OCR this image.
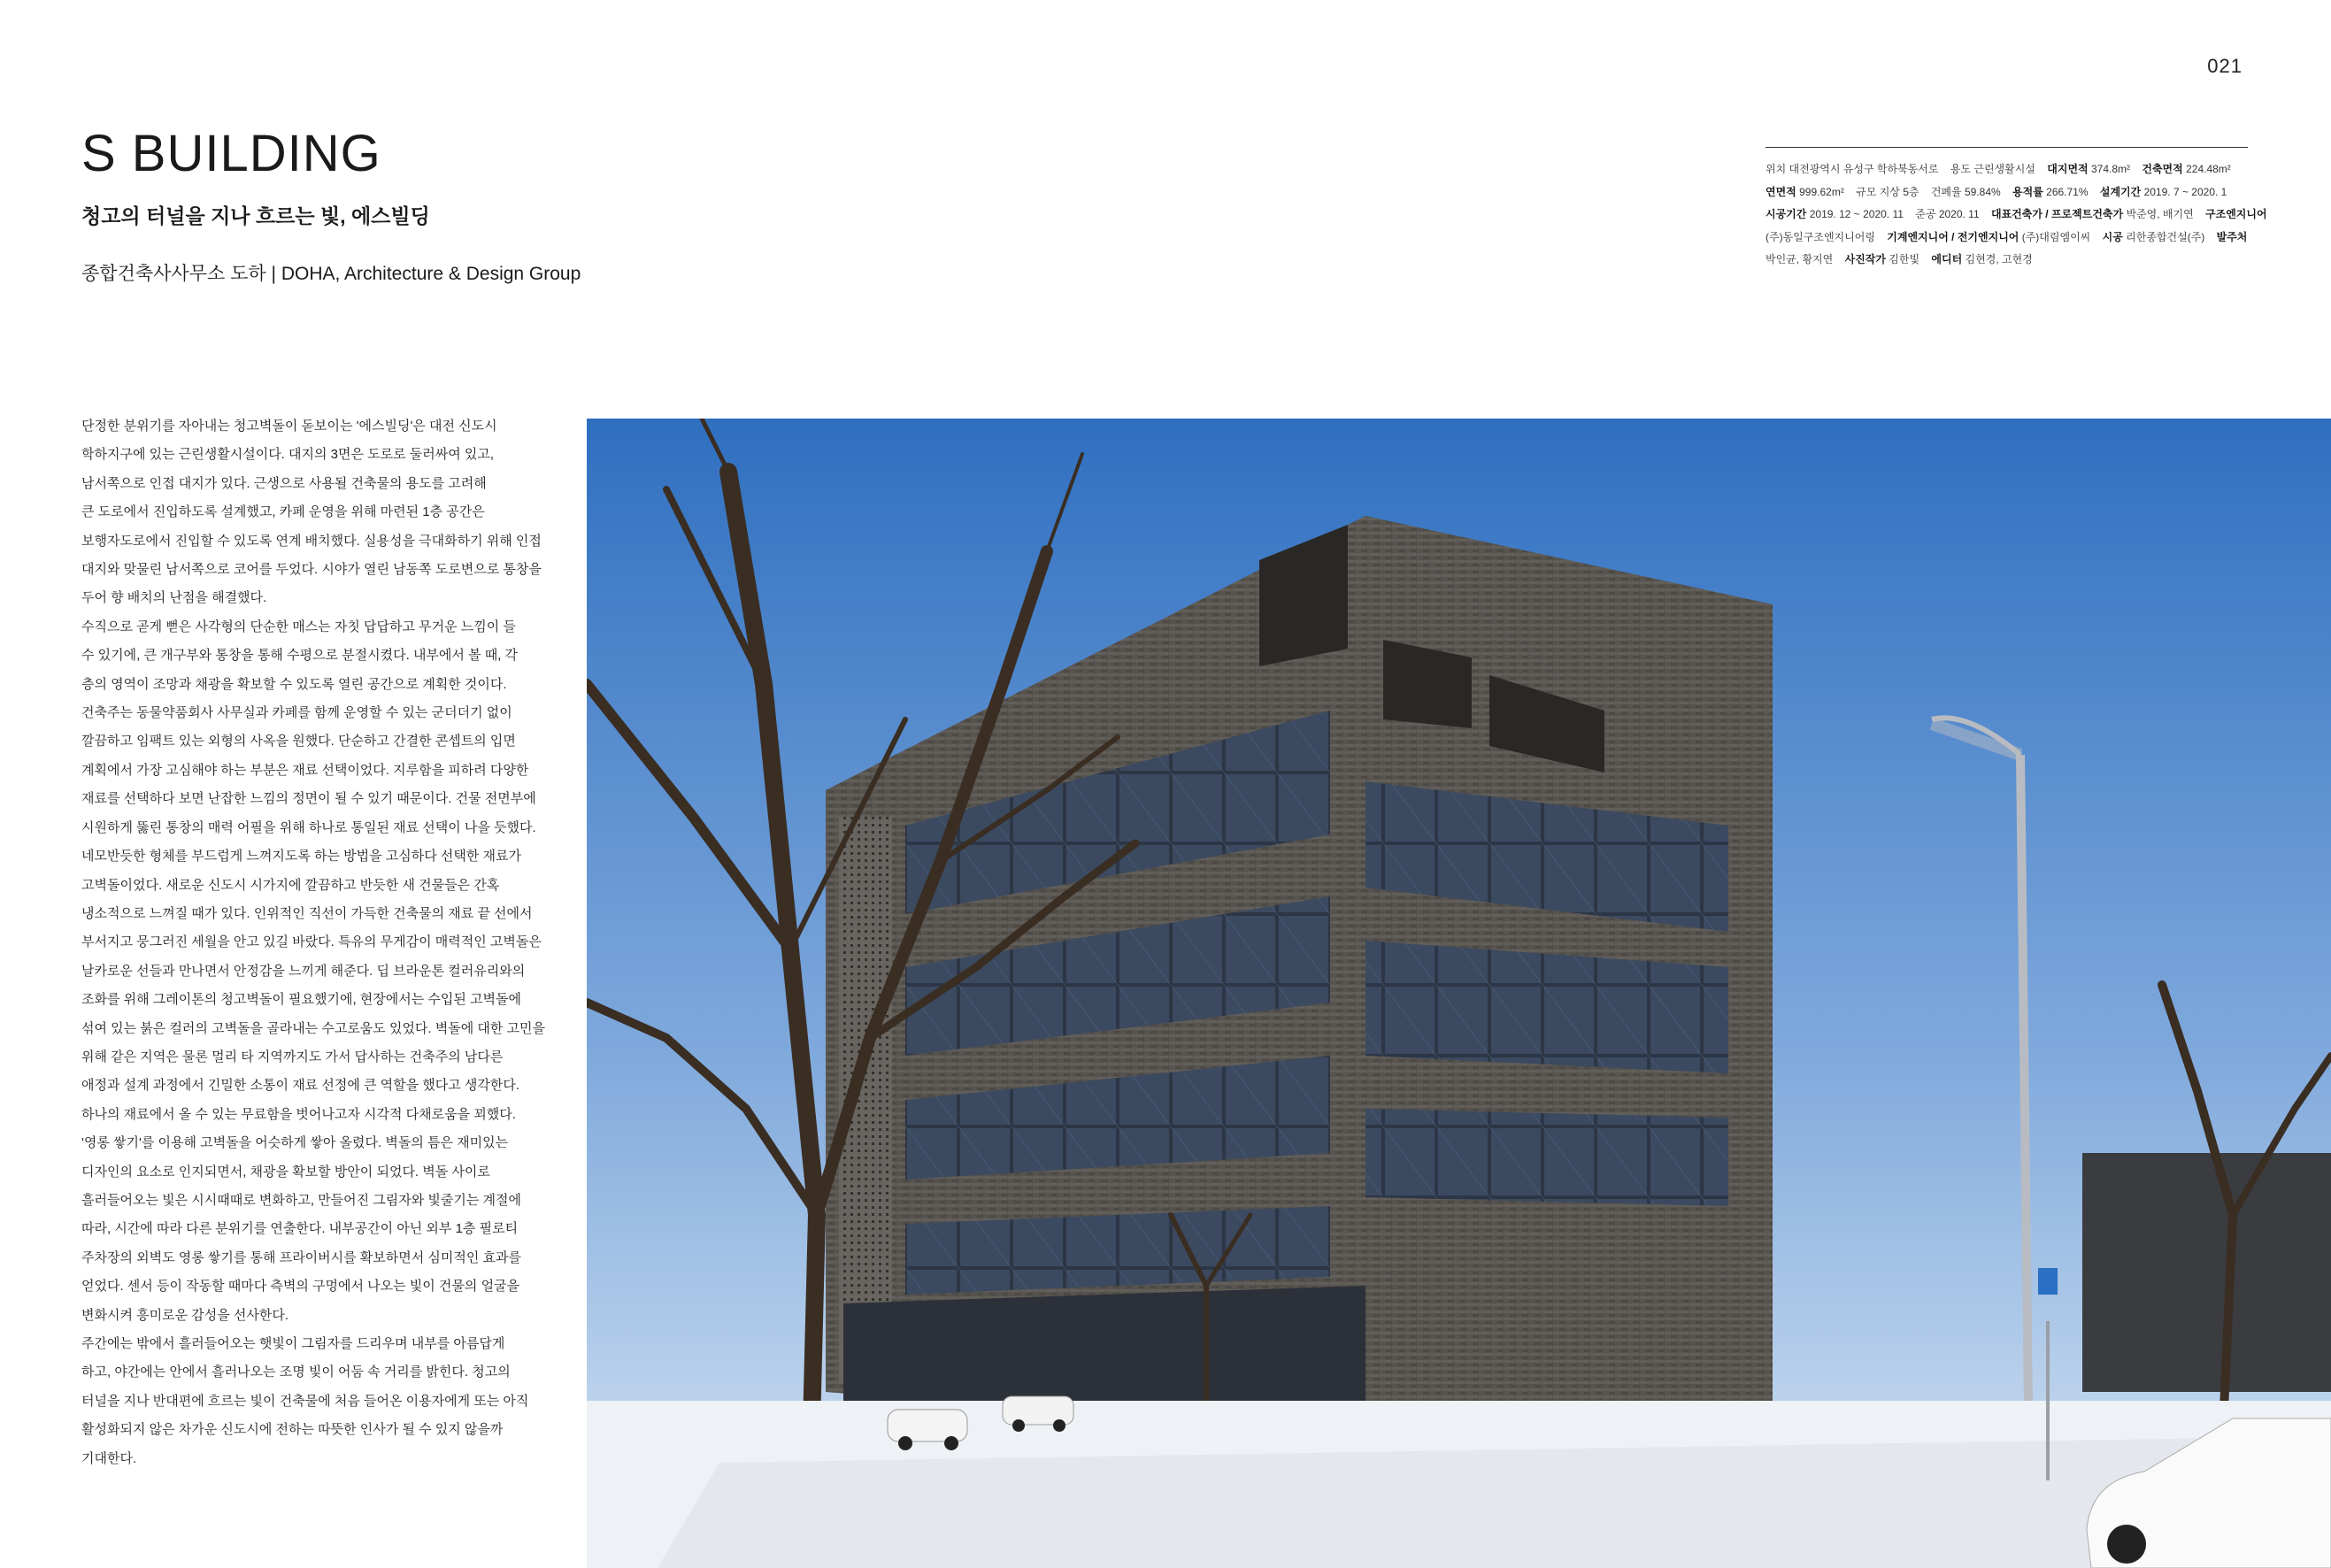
021
S BUILDING
청고의 터널을 지나 흐르는 빛, 에스빌딩
종합건축사사무소 도하 | DOHA, Architecture & Design Group
위치 대전광역시 유성구 학하북동서로 용도 근린생활시설 대지면적 374.8m² 건축면적 224.48m²
연면적 999.62m² 규모 지상 5층 건폐율 59.84% 용적률 266.71% 설계기간 2019. 7 ~ 2020. 1
시공기간 2019. 12 ~ 2020. 11 준공 2020. 11 대표건축가 / 프로젝트건축가 박준영, 배기연 구조엔지니어
(주)동일구조엔지니어링 기계엔지니어 / 전기엔지니어 (주)대림엠이씨 시공 리한종합건설(주) 발주처
박인균, 황지연 사진작가 김한빛 에디터 김현경, 고현경

단정한 분위기를 자아내는 청고벽돌이 돋보이는 '에스빌딩'은 대전 신도시
학하지구에 있는 근린생활시설이다. 대지의 3면은 도로로 둘러싸여 있고,
남서쪽으로 인접 대지가 있다. 근생으로 사용될 건축물의 용도를 고려해
큰 도로에서 진입하도록 설계했고, 카페 운영을 위해 마련된 1층 공간은
보행자도로에서 진입할 수 있도록 연계 배치했다. 실용성을 극대화하기 위해 인접
대지와 맞물린 남서쪽으로 코어를 두었다. 시야가 열린 남동쪽 도로변으로 통창을
두어 향 배치의 난점을 해결했다.

수직으로 곧게 뻗은 사각형의 단순한 매스는 자칫 답답하고 무거운 느낌이 들
수 있기에, 큰 개구부와 통창을 통해 수평으로 분절시켰다. 내부에서 볼 때, 각
층의 영역이 조망과 채광을 확보할 수 있도록 열린 공간으로 계획한 것이다.

건축주는 동물약품회사 사무실과 카페를 함께 운영할 수 있는 군더더기 없이
깔끔하고 임팩트 있는 외형의 사옥을 원했다. 단순하고 간결한 콘셉트의 입면
계획에서 가장 고심해야 하는 부분은 재료 선택이었다. 지루함을 피하려 다양한
재료를 선택하다 보면 난잡한 느낌의 정면이 될 수 있기 때문이다. 건물 전면부에
시원하게 뚫린 통창의 매력 어필을 위해 하나로 통일된 재료 선택이 나을 듯했다.
네모반듯한 형체를 부드럽게 느껴지도록 하는 방법을 고심하다 선택한 재료가
고벽돌이었다. 새로운 신도시 시가지에 깔끔하고 반듯한 새 건물들은 간혹
냉소적으로 느껴질 때가 있다. 인위적인 직선이 가득한 건축물의 재료 끝 선에서
부서지고 뭉그러진 세월을 안고 있길 바랐다. 특유의 무게감이 매력적인 고벽돌은
날카로운 선들과 만나면서 안정감을 느끼게 해준다. 딥 브라운톤 컬러유리와의
조화를 위해 그레이톤의 청고벽돌이 필요했기에, 현장에서는 수입된 고벽돌에
섞여 있는 붉은 컬러의 고벽돌을 골라내는 수고로움도 있었다. 벽돌에 대한 고민을
위해 같은 지역은 물론 멀리 타 지역까지도 가서 답사하는 건축주의 남다른
애정과 설계 과정에서 긴밀한 소통이 재료 선정에 큰 역할을 했다고 생각한다.

하나의 재료에서 올 수 있는 무료함을 벗어나고자 시각적 다채로움을 꾀했다.
'영롱 쌓기'를 이용해 고벽돌을 어슷하게 쌓아 올렸다. 벽돌의 틈은 재미있는
디자인의 요소로 인지되면서, 채광을 확보할 방안이 되었다. 벽돌 사이로
흘러들어오는 빛은 시시때때로 변화하고, 만들어진 그림자와 빛줄기는 계절에
따라, 시간에 따라 다른 분위기를 연출한다. 내부공간이 아닌 외부 1층 필로티
주차장의 외벽도 영롱 쌓기를 통해 프라이버시를 확보하면서 심미적인 효과를
얻었다. 센서 등이 작동할 때마다 측벽의 구멍에서 나오는 빛이 건물의 얼굴을
변화시켜 흥미로운 감성을 선사한다.

주간에는 밖에서 흘러들어오는 햇빛이 그림자를 드리우며 내부를 아름답게
하고, 야간에는 안에서 흘러나오는 조명 빛이 어둠 속 거리를 밝힌다. 청고의
터널을 지나 반대편에 흐르는 빛이 건축물에 처음 들어온 이용자에게 또는 아직
활성화되지 않은 차가운 신도시에 전하는 따뜻한 인사가 될 수 있지 않을까
기대한다.
